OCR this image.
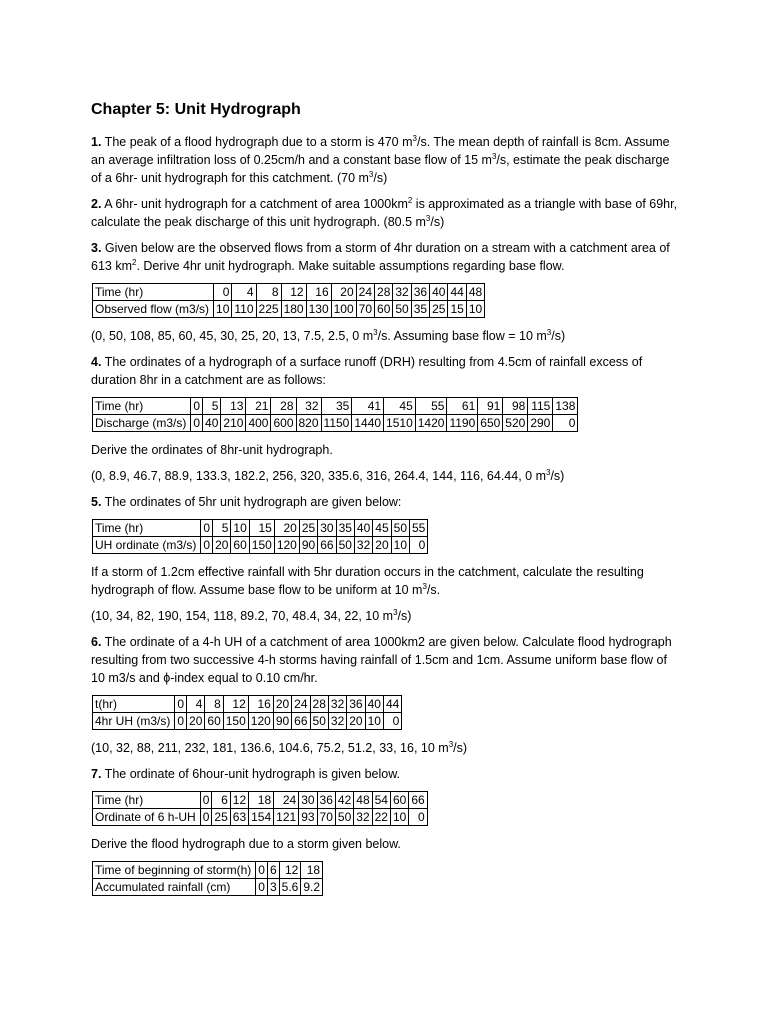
Chapter 5: Unit Hydrograph

1. The peak of a flood hydrograph due to a storm is 470 $m^3/s$. The mean depth of rainfall is 8cm. Assume an average infiltration loss of 0.25cm/h and a constant base flow of 15 $m^3/s$, estimate the peak discharge of a 6hr- unit hydrograph for this catchment. (70 $m^3/s$)

2. A 6hr- unit hydrograph for a catchment of area $1000km^2$ is approximated as a triangle with base of 69hr, calculate the peak discharge of this unit hydrograph. (80.5 $m^3/s$)

3. Given below are the observed flows from a storm of 4hr duration on a stream with a catchment area of 613 $km^2$. Derive 4hr unit hydrograph. Make suitable assumptions regarding base flow.

Time (hr)	0	4	8	12	16	20	24	28	32	36	40	44	48
Observed flow (m3/s)	10	110	225	180	130	100	70	60	50	35	25	15	10

(0, 50, 108, 85, 60, 45, 30, 25, 20, 13, 7.5, 2.5, 0 $m^3/s$. Assuming base flow = 10 $m^3/s$)

4. The ordinates of a hydrograph of a surface runoff (DRH) resulting from 4.5cm of rainfall excess of duration 8hr in a catchment are as follows:

Time (hr)	0	5	13	21	28	32	35	41	45	55	61	91	98	115	138
Discharge (m3/s)	0	40	210	400	600	820	1150	1440	1510	1420	1190	650	520	290	0

Derive the ordinates of 8hr-unit hydrograph.

(0, 8.9, 46.7, 88.9, 133.3, 182.2, 256, 320, 335.6, 316, 264.4, 144, 116, 64.44, 0 $m^3/s$)

5. The ordinates of 5hr unit hydrograph are given below:

Time (hr)	0	5	10	15	20	25	30	35	40	45	50	55
UH ordinate (m3/s)	0	20	60	150	120	90	66	50	32	20	10	0

If a storm of 1.2cm effective rainfall with 5hr duration occurs in the catchment, calculate the resulting hydrograph of flow. Assume base flow to be uniform at 10 $m^3/s$.

(10, 34, 82, 190, 154, 118, 89.2, 70, 48.4, 34, 22, 10 $m^3/s$)

6. The ordinate of a 4-h UH of a catchment of area 1000km2 are given below. Calculate flood hydrograph resulting from two successive 4-h storms having rainfall of 1.5cm and 1cm. Assume uniform base flow of 10 m3/s and ϕ-index equal to 0.10 cm/hr.

t(hr)	0	4	8	12	16	20	24	28	32	36	40	44
4hr UH (m3/s)	0	20	60	150	120	90	66	50	32	20	10	0

(10, 32, 88, 211, 232, 181, 136.6, 104.6, 75.2, 51.2, 33, 16, 10 $m^3/s$)

7. The ordinate of 6hour-unit hydrograph is given below.

Time (hr)	0	6	12	18	24	30	36	42	48	54	60	66
Ordinate of 6 h-UH	0	25	63	154	121	93	70	50	32	22	10	0

Derive the flood hydrograph due to a storm given below.

Time of beginning of storm(h)	0	6	12	18
Accumulated rainfall (cm)	0	3	5.6	9.2
